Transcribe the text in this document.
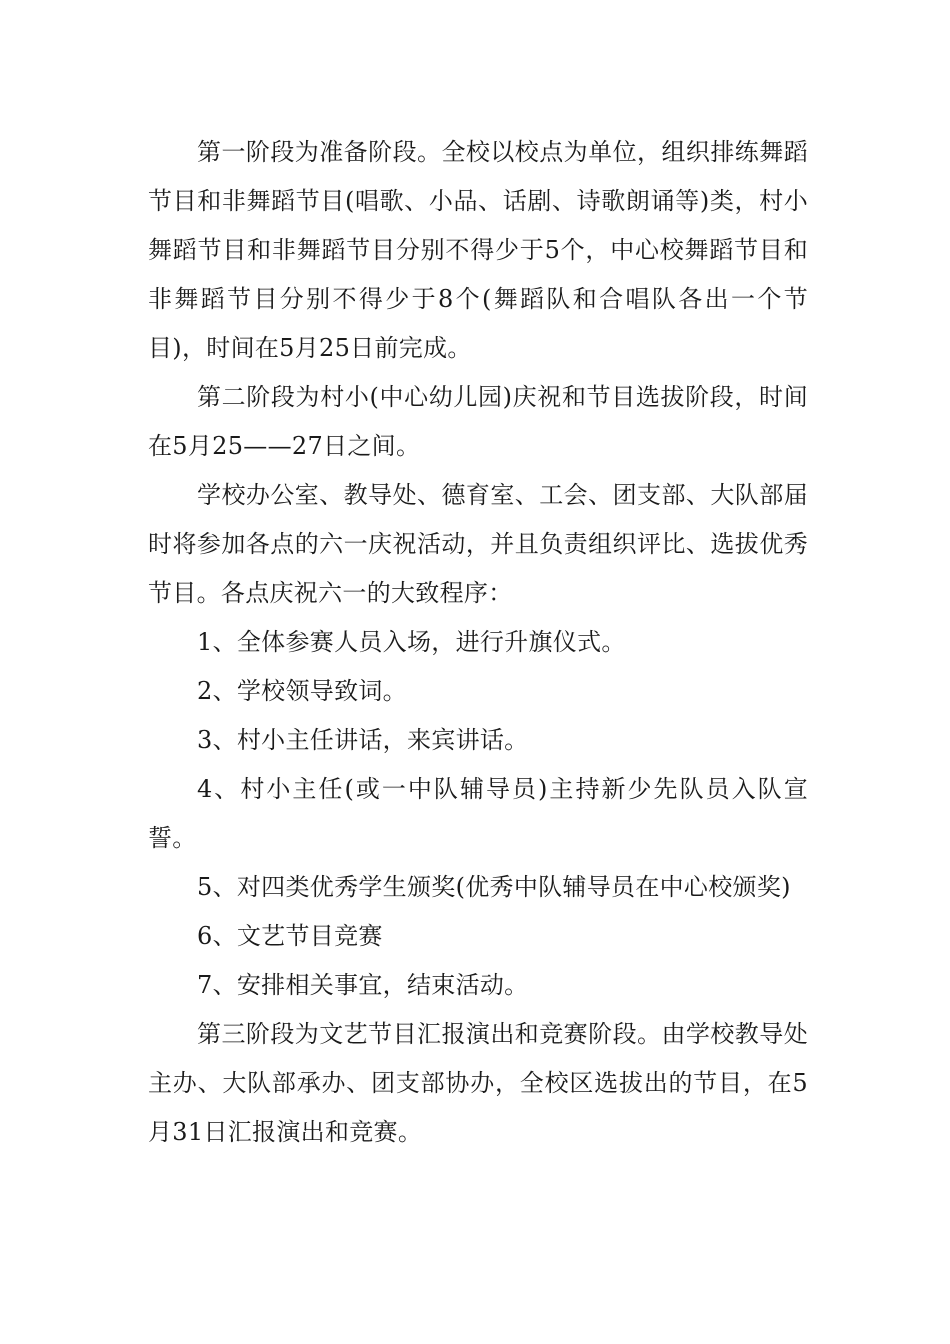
第一阶段为准备阶段。全校以校点为单位，组织排练舞蹈节目和非舞蹈节目(唱歌、小品、话剧、诗歌朗诵等)类，村小舞蹈节目和非舞蹈节目分别不得少于5个，中心校舞蹈节目和非舞蹈节目分别不得少于8个(舞蹈队和合唱队各出一个节目)，时间在5月25日前完成。

第二阶段为村小(中心幼儿园)庆祝和节目选拔阶段，时间在5月25——27日之间。

学校办公室、教导处、德育室、工会、团支部、大队部届时将参加各点的六一庆祝活动，并且负责组织评比、选拔优秀节目。各点庆祝六一的大致程序：

1、全体参赛人员入场，进行升旗仪式。

2、学校领导致词。

3、村小主任讲话，来宾讲话。

4、村小主任(或一中队辅导员)主持新少先队员入队宣誓。

5、对四类优秀学生颁奖(优秀中队辅导员在中心校颁奖)

6、文艺节目竞赛

7、安排相关事宜，结束活动。

第三阶段为文艺节目汇报演出和竞赛阶段。由学校教导处主办、大队部承办、团支部协办，全校区选拔出的节目，在5月31日汇报演出和竞赛。
